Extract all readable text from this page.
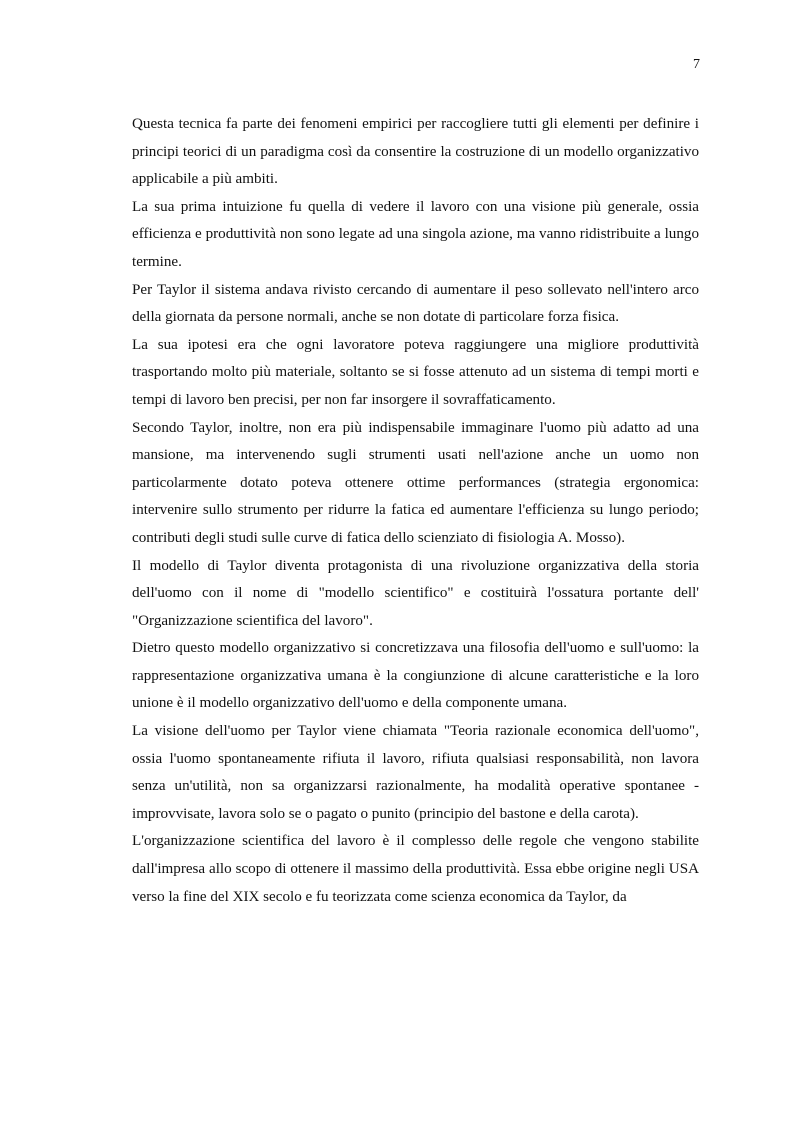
7

Questa tecnica fa parte dei fenomeni empirici per raccogliere tutti gli elementi per definire i principi teorici di un paradigma così da consentire la costruzione di un modello organizzativo applicabile a più ambiti.

La sua prima intuizione fu quella di vedere il lavoro con una visione più generale, ossia efficienza e produttività non sono legate ad una singola azione, ma vanno ridistribuite a lungo termine.

Per Taylor il sistema andava rivisto cercando di aumentare il peso sollevato nell'intero arco della giornata da persone normali, anche se non dotate di particolare forza fisica.

La sua ipotesi era che ogni lavoratore poteva raggiungere una migliore produttività trasportando molto più materiale, soltanto se si fosse attenuto ad un sistema di tempi morti e tempi di lavoro ben precisi, per non far insorgere il sovraffaticamento.

Secondo Taylor, inoltre, non era più indispensabile immaginare l'uomo più adatto ad una mansione, ma intervenendo sugli strumenti usati nell'azione anche un uomo non particolarmente dotato poteva ottenere ottime performances (strategia ergonomica: intervenire sullo strumento per ridurre la fatica ed aumentare l'efficienza su lungo periodo; contributi degli studi sulle curve di fatica dello scienziato di fisiologia A. Mosso).

Il modello di Taylor diventa protagonista di una rivoluzione organizzativa della storia dell'uomo con il nome di "modello scientifico" e costituirà l'ossatura portante dell' "Organizzazione scientifica del lavoro".

Dietro questo modello organizzativo si concretizzava una filosofia dell'uomo e sull'uomo: la rappresentazione organizzativa umana è la congiunzione di alcune caratteristiche e la loro unione è il modello organizzativo dell'uomo e della componente umana.

La visione dell'uomo per Taylor viene chiamata "Teoria razionale economica dell'uomo", ossia l'uomo spontaneamente rifiuta il lavoro, rifiuta qualsiasi responsabilità, non lavora senza un'utilità, non sa organizzarsi razionalmente, ha modalità operative spontanee - improvvisate, lavora solo se o pagato o punito (principio del bastone e della carota).

L'organizzazione scientifica del lavoro è il complesso delle regole che vengono stabilite dall'impresa allo scopo di ottenere il massimo della produttività. Essa ebbe origine negli USA verso la fine del XIX secolo e fu teorizzata come scienza economica da Taylor, da
